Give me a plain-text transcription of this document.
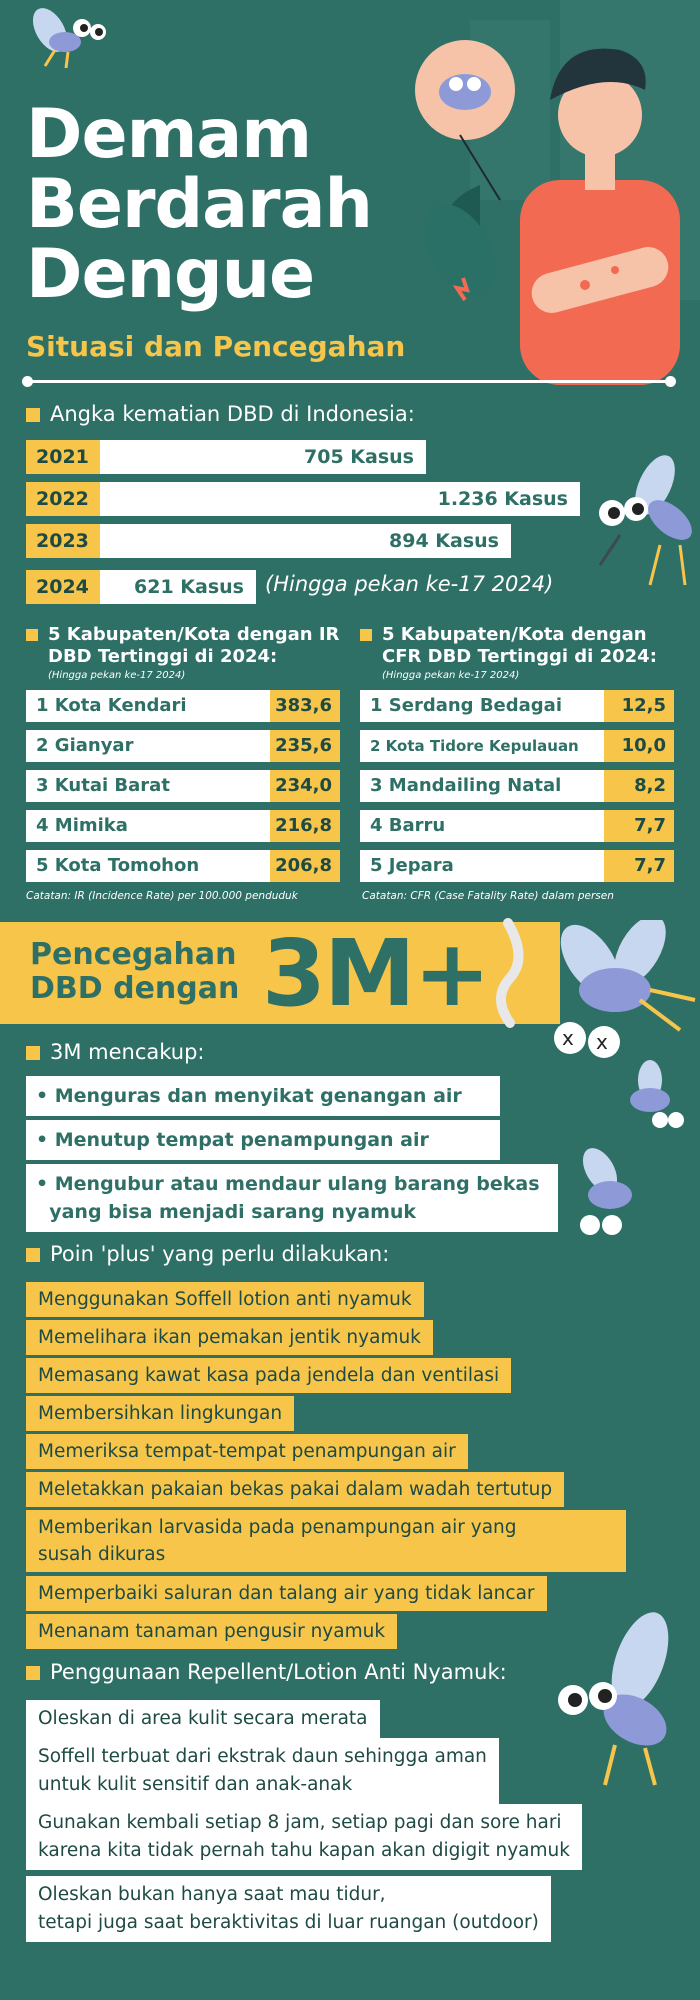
Demam
Berdarah
Dengue
Situasi dan Pencegahan
Angka kematian DBD di Indonesia:
2021	705 Kasus
2022	1.236 Kasus
2023	894 Kasus
2024	621 Kasus	(Hingga pekan ke-17 2024)
5 Kabupaten/Kota dengan IR
DBD Tertinggi di 2024:
(Hingga pekan ke-17 2024)
1 Kota Kendari	383,6
2 Gianyar	235,6
3 Kutai Barat	234,0
4 Mimika	216,8
5 Kota Tomohon	206,8
Catatan: IR (Incidence Rate) per 100.000 penduduk
5 Kabupaten/Kota dengan
CFR DBD Tertinggi di 2024:
(Hingga pekan ke-17 2024)
1 Serdang Bedagai	12,5
2 Kota Tidore Kepulauan	10,0
3 Mandailing Natal	8,2
4 Barru	7,7
5 Jepara	7,7
Catatan: CFR (Case Fatality Rate) dalam persen
Pencegahan
DBD dengan 3M+
x x
3M mencakup:
• Menguras dan menyikat genangan air
• Menutup tempat penampungan air
• Mengubur atau mendaur ulang barang bekas
yang bisa menjadi sarang nyamuk
Poin 'plus' yang perlu dilakukan:
Menggunakan Soffell lotion anti nyamuk
Memelihara ikan pemakan jentik nyamuk
Memasang kawat kasa pada jendela dan ventilasi
Membersihkan lingkungan
Memeriksa tempat-tempat penampungan air
Meletakkan pakaian bekas pakai dalam wadah tertutup
Memberikan larvasida pada penampungan air yang
susah dikuras
Memperbaiki saluran dan talang air yang tidak lancar
Menanam tanaman pengusir nyamuk
Penggunaan Repellent/Lotion Anti Nyamuk:
Oleskan di area kulit secara merata
Soffell terbuat dari ekstrak daun sehingga aman
untuk kulit sensitif dan anak-anak
Gunakan kembali setiap 8 jam, setiap pagi dan sore hari
karena kita tidak pernah tahu kapan akan digigit nyamuk
Oleskan bukan hanya saat mau tidur,
tetapi juga saat beraktivitas di luar ruangan (outdoor)
